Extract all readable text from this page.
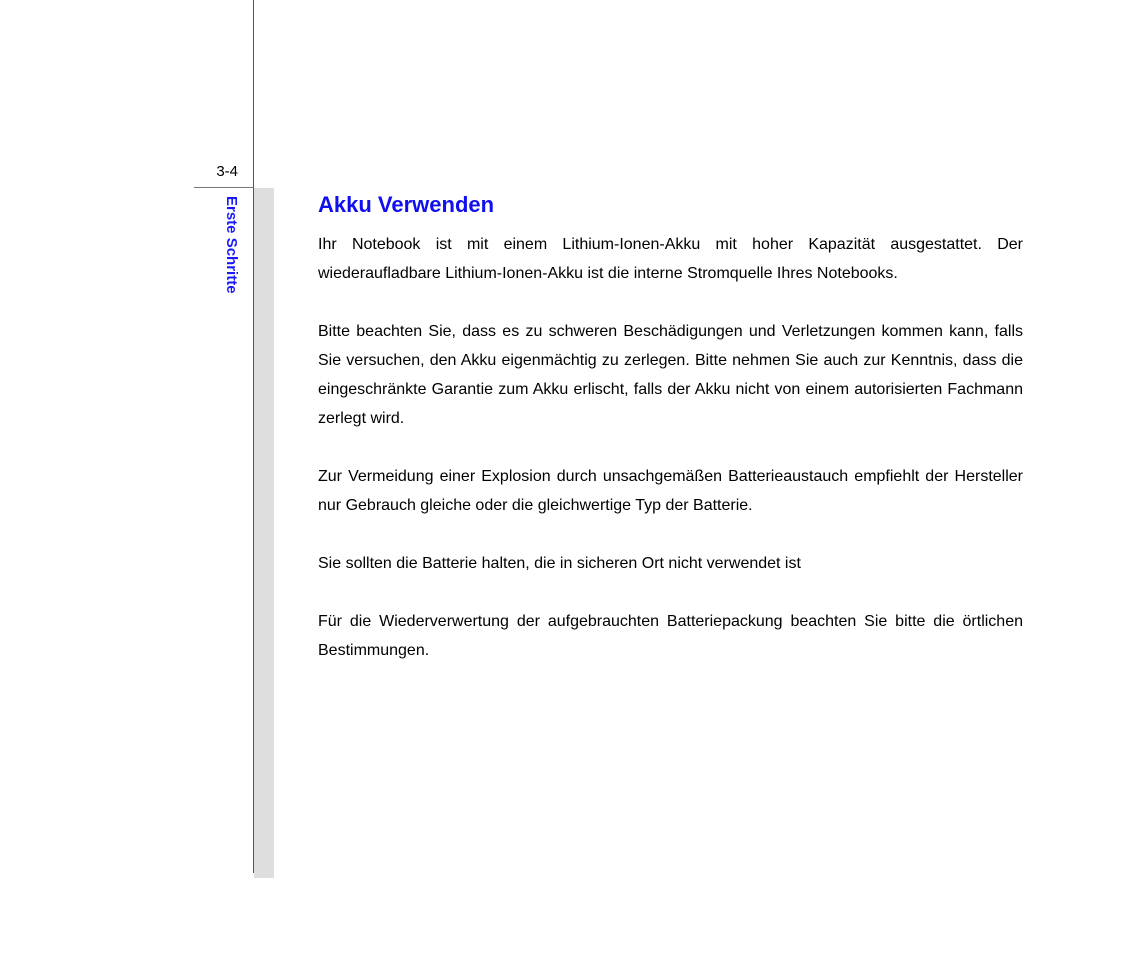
3-4
Erste Schritte	Akku Verwenden

Ihr Notebook ist mit einem Lithium-Ionen-Akku mit hoher Kapazität ausgestattet. Der wiederaufladbare Lithium-Ionen-Akku ist die interne Stromquelle Ihres Notebooks.

Bitte beachten Sie, dass es zu schweren Beschädigungen und Verletzungen kommen kann, falls Sie versuchen, den Akku eigenmächtig zu zerlegen. Bitte nehmen Sie auch zur Kenntnis, dass die eingeschränkte Garantie zum Akku erlischt, falls der Akku nicht von einem autorisierten Fachmann zerlegt wird.

Zur Vermeidung einer Explosion durch unsachgemäßen Batterieaustauch empfiehlt der Hersteller nur Gebrauch gleiche oder die gleichwertige Typ der Batterie.

Sie sollten die Batterie halten, die in sicheren Ort nicht verwendet ist

Für die Wiederverwertung der aufgebrauchten Batteriepackung beachten Sie bitte die örtlichen Bestimmungen.
